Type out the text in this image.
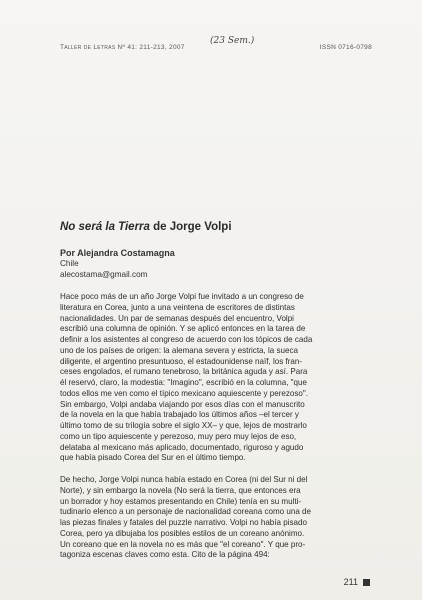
Taller de Letras Nº 41: 211-213, 2007	ISSN 0716-0798
(23 Sem.)
No será la Tierra de Jorge Volpi
Por Alejandra Costamagna
Chile
alecostama@gmail.com
Hace poco más de un año Jorge Volpi fue invitado a un congreso de
literatura en Corea, junto a una veintena de escritores de distintas
nacionalidades. Un par de semanas después del encuentro, Volpi
escribió una columna de opinión. Y se aplicó entonces en la tarea de
definir a los asistentes al congreso de acuerdo con los tópicos de cada
uno de los países de origen: la alemana severa y estricta, la sueca
diligente, el argentino presuntuoso, el estadounidense naïf, los fran-
ceses engolados, el rumano tenebroso, la británica aguda y así. Para
él reservó, claro, la modestia: "Imagino", escribió en la columna, "que
todos ellos me ven como el típico mexicano aquiescente y perezoso".
Sin embargo, Volpi andaba viajando por esos días con el manuscrito
de la novela en la que había trabajado los últimos años –el tercer y
último tomo de su trilogía sobre el siglo XX– y que, lejos de mostrarlo
como un tipo aquiescente y perezoso, muy pero muy lejos de eso,
delataba al mexicano más aplicado, documentado, riguroso y agudo
que había pisado Corea del Sur en el último tiempo.
De hecho, Jorge Volpi nunca había estado en Corea (ni del Sur ni del
Norte), y sin embargo la novela (No será la tierra, que entonces era
un borrador y hoy estamos presentando en Chile) tenía en su multi-
tudinario elenco a un personaje de nacionalidad coreana como una de
las piezas finales y fatales del puzzle narrativo. Volpi no había pisado
Corea, pero ya dibujaba los posibles estilos de un coreano anónimo.
Un coreano que en la novela no es más que "el coreano". Y que pro-
tagoniza escenas claves como esta. Cito de la página 494:
211
